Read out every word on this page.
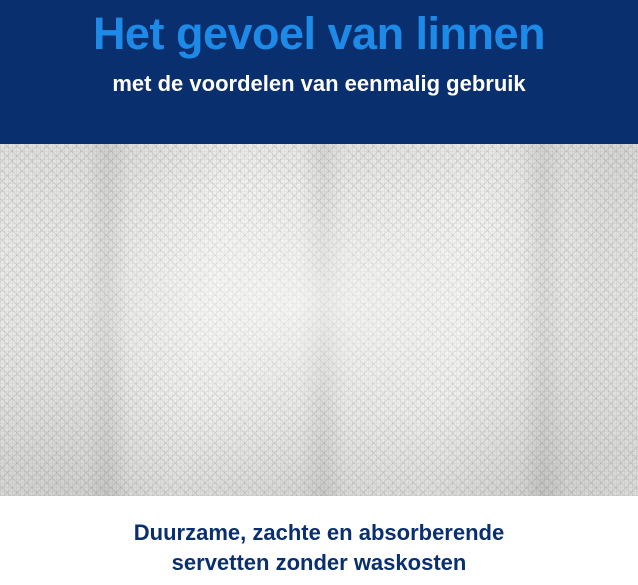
Het gevoel van linnen
met de voordelen van eenmalig gebruik

Duurzame, zachte en absorberende

servetten zonder waskosten
